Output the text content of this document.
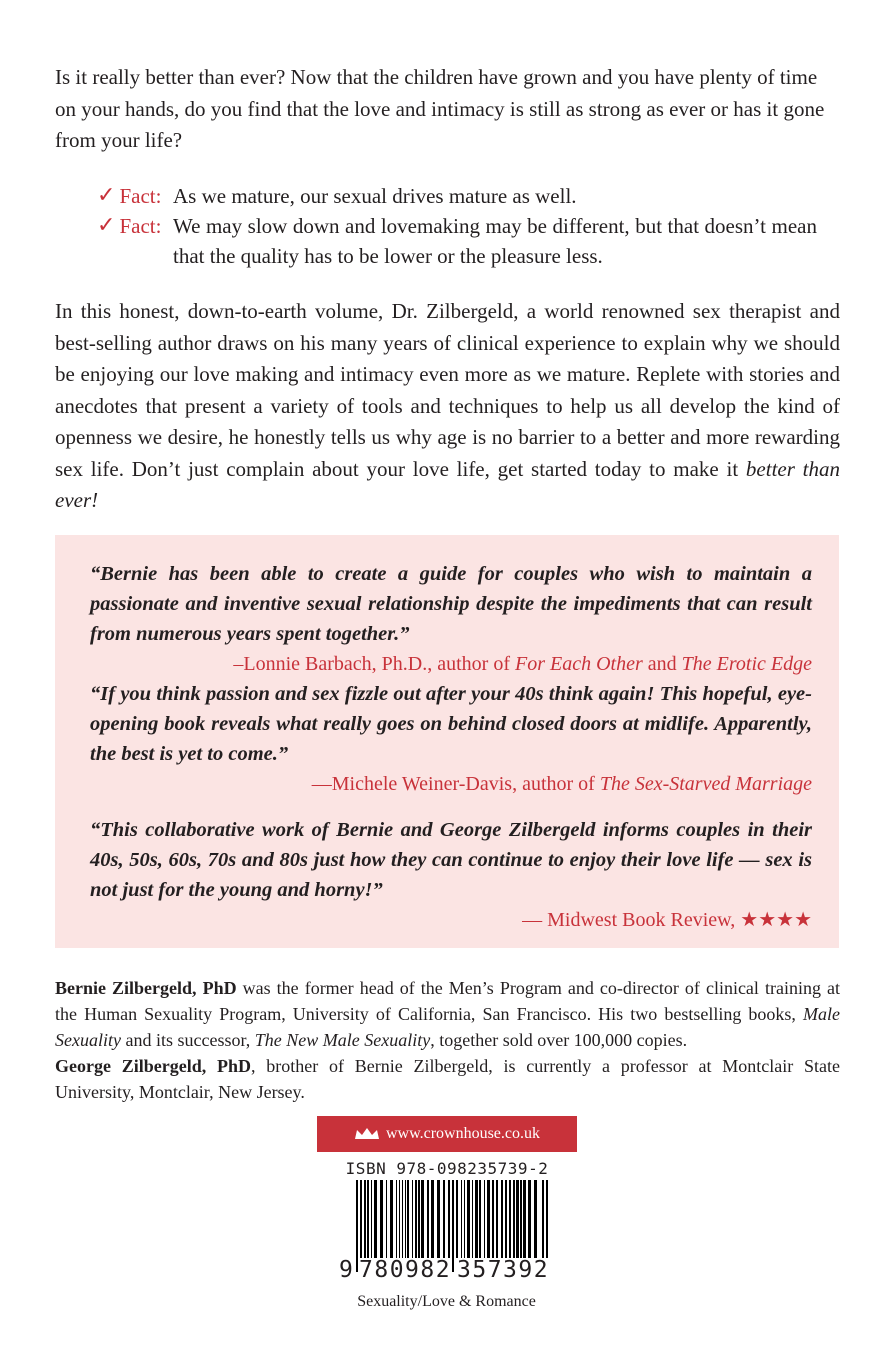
Is it really better than ever? Now that the children have grown and you have plenty of time on your hands, do you find that the love and intimacy is still as strong as ever or has it gone from your life?

✓ Fact: As we mature, our sexual drives mature as well.
✓ Fact: We may slow down and lovemaking may be different, but that doesn’t mean that the quality has to be lower or the pleasure less.

In this honest, down-to-earth volume, Dr. Zilbergeld, a world renowned sex therapist and best-selling author draws on his many years of clinical experience to explain why we should be enjoying our love making and intimacy even more as we mature. Replete with stories and anecdotes that present a variety of tools and techniques to help us all develop the kind of openness we desire, he honestly tells us why age is no barrier to a better and more rewarding sex life. Don’t just complain about your love life, get started today to make it better than ever!

“Bernie has been able to create a guide for couples who wish to maintain a passionate and inventive sexual relationship despite the impediments that can result from numerous years spent together.”

–Lonnie Barbach, Ph.D., author of For Each Other and The Erotic Edge

“If you think passion and sex fizzle out after your 40s think again! This hopeful, eye-opening book reveals what really goes on behind closed doors at midlife. Apparently, the best is yet to come.”

—Michele Weiner-Davis, author of The Sex-Starved Marriage

“This collaborative work of Bernie and George Zilbergeld informs couples in their 40s, 50s, 60s, 70s and 80s just how they can continue to enjoy their love life — sex is not just for the young and horny!”

— Midwest Book Review, ★★★★

Bernie Zilbergeld, PhD was the former head of the Men’s Program and co-director of clinical training at the Human Sexuality Program, University of California, San Francisco. His two bestselling books, Male Sexuality and its successor, The New Male Sexuality, together sold over 100,000 copies.
George Zilbergeld, PhD, brother of Bernie Zilbergeld, is currently a professor at Montclair State University, Montclair, New Jersey.

www.crownhouse.co.uk
ISBN 978-098235739-2
9 780982 357392
Sexuality/Love & Romance
